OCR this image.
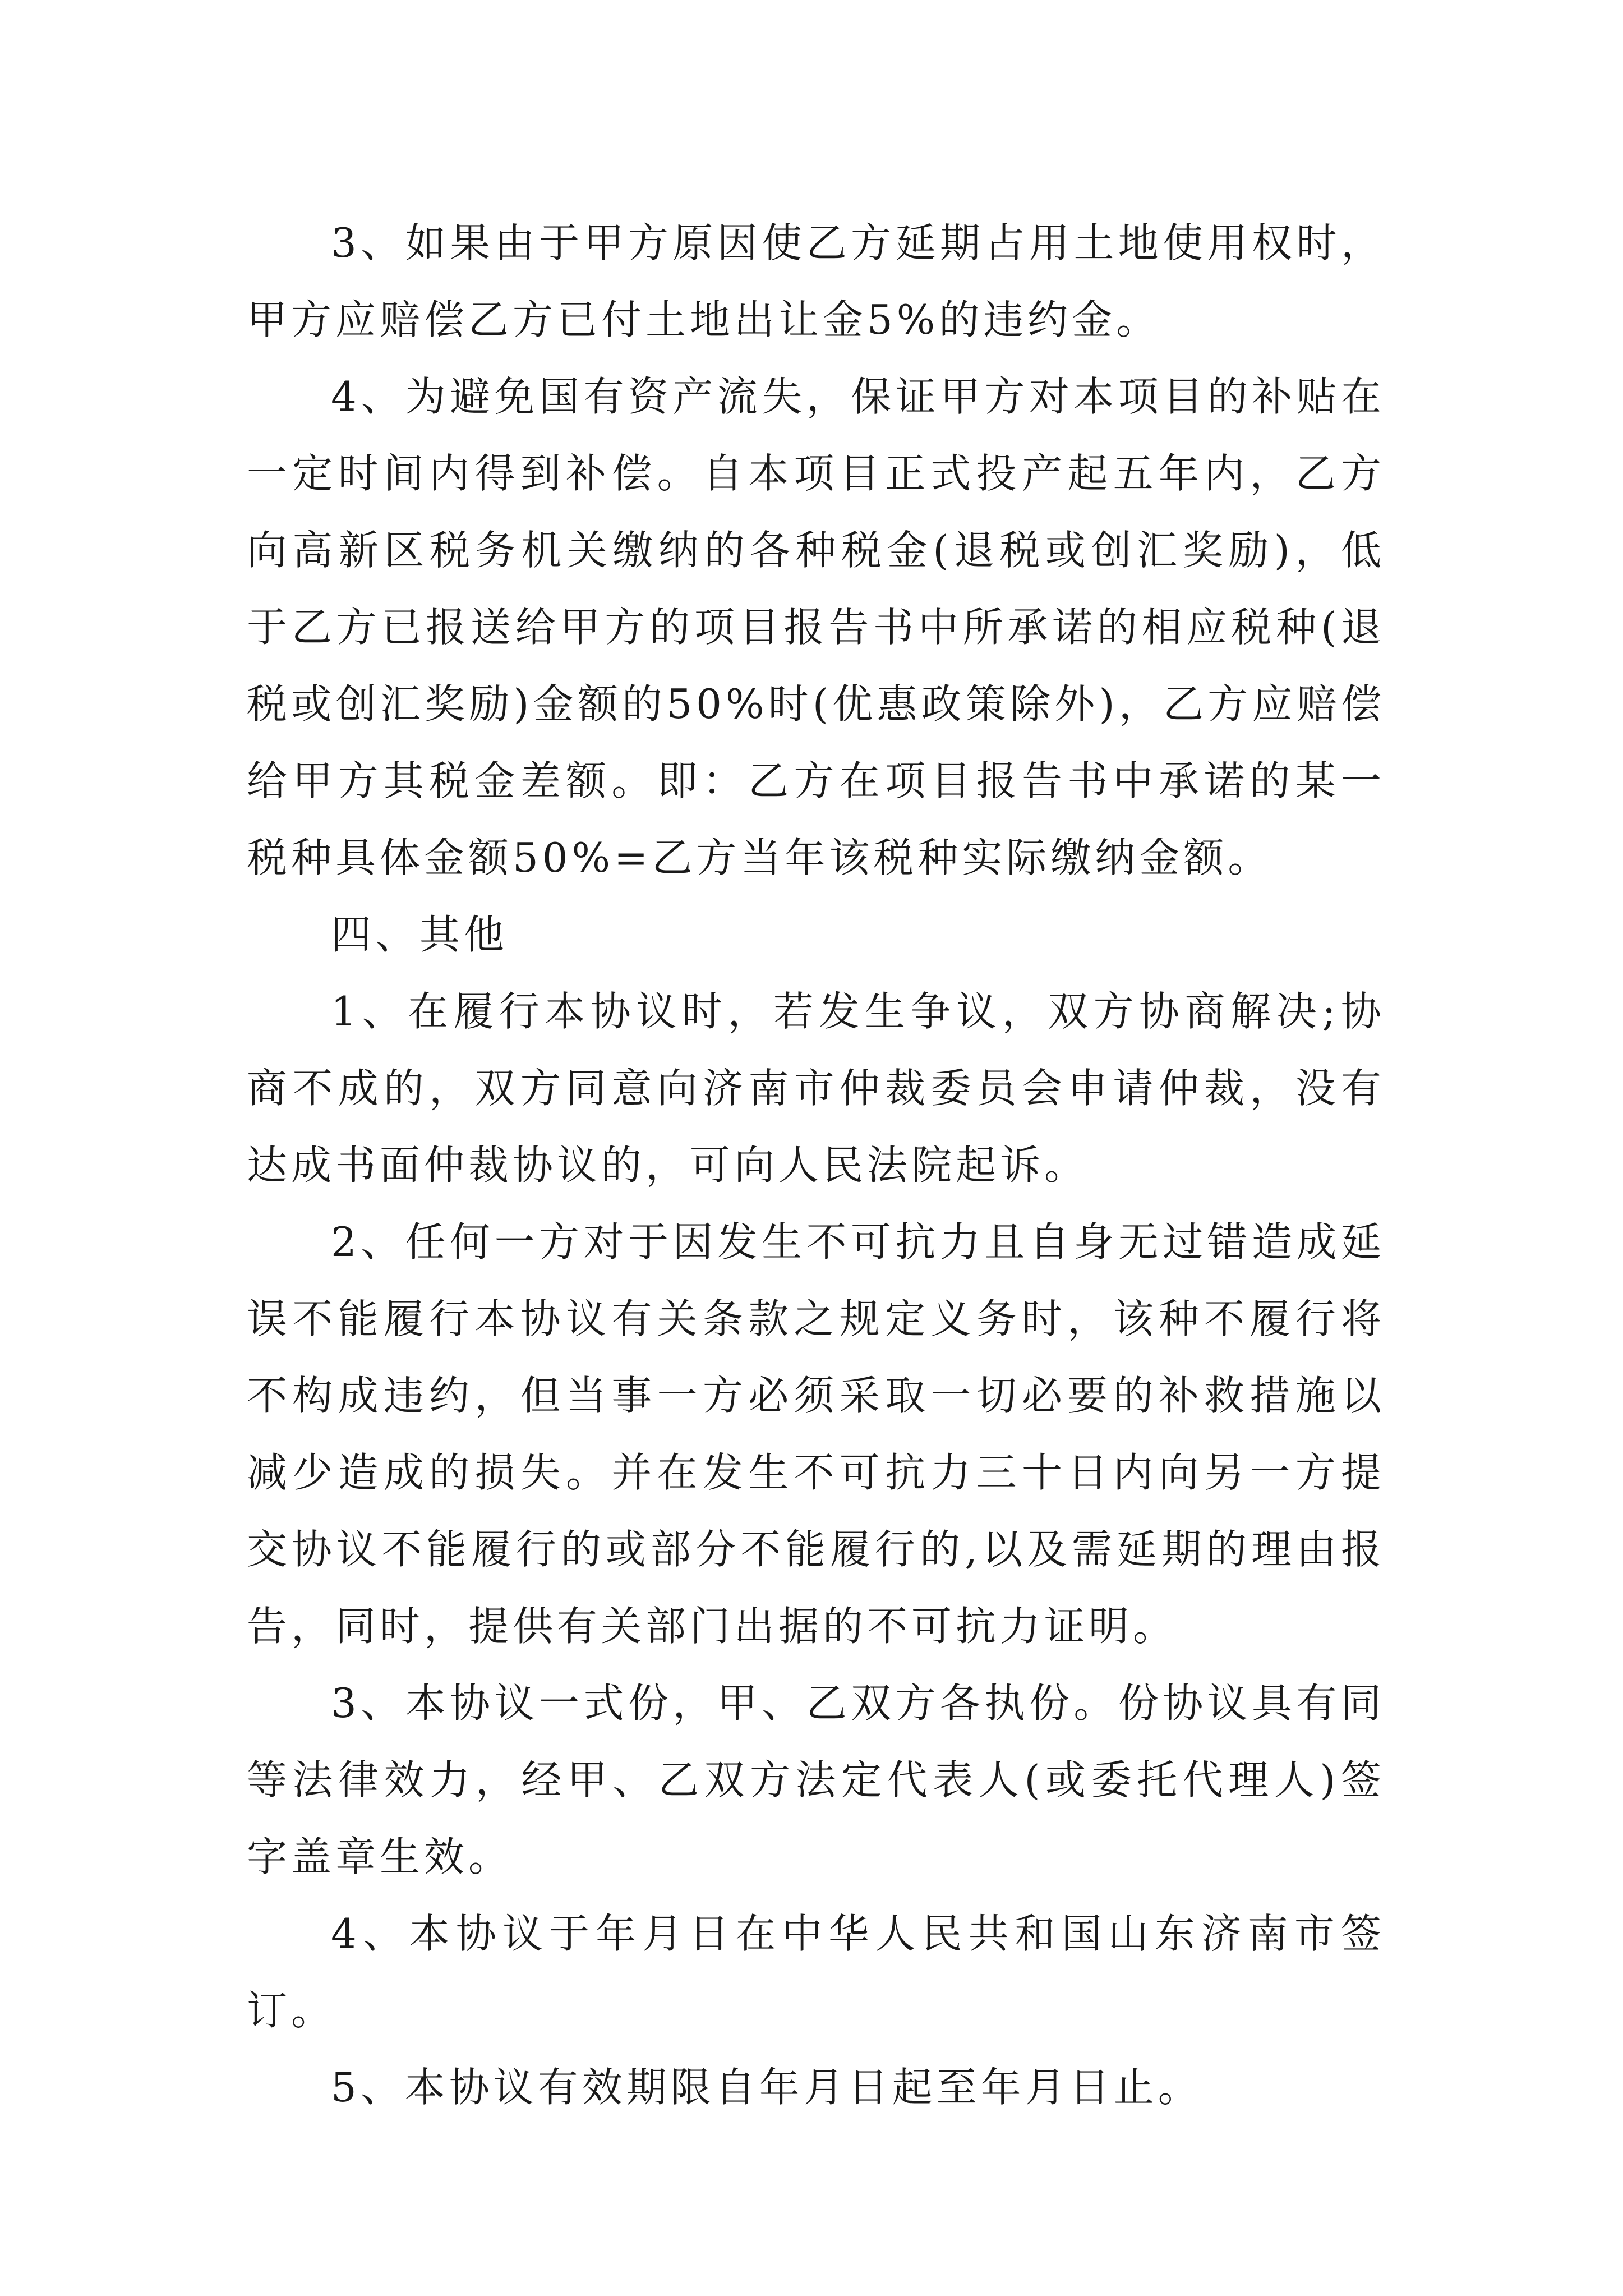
3、如果由于甲方原因使乙方延期占用土地使用权时，甲方应赔偿乙方已付土地出让金5%的违约金。

4、为避免国有资产流失，保证甲方对本项目的补贴在一定时间内得到补偿。自本项目正式投产起五年内，乙方向高新区税务机关缴纳的各种税金(退税或创汇奖励)，低于乙方已报送给甲方的项目报告书中所承诺的相应税种(退税或创汇奖励)金额的50%时(优惠政策除外)，乙方应赔偿给甲方其税金差额。即：乙方在项目报告书中承诺的某一税种具体金额50%=乙方当年该税种实际缴纳金额。

四、其他

1、在履行本协议时，若发生争议，双方协商解决;协商不成的，双方同意向济南市仲裁委员会申请仲裁，没有达成书面仲裁协议的，可向人民法院起诉。

2、任何一方对于因发生不可抗力且自身无过错造成延误不能履行本协议有关条款之规定义务时，该种不履行将不构成违约，但当事一方必须采取一切必要的补救措施以减少造成的损失。并在发生不可抗力三十日内向另一方提交协议不能履行的或部分不能履行的,以及需延期的理由报告，同时，提供有关部门出据的不可抗力证明。

3、本协议一式份，甲、乙双方各执份。份协议具有同等法律效力，经甲、乙双方法定代表人(或委托代理人)签字盖章生效。

4、本协议于年月日在中华人民共和国山东济南市签订。

5、本协议有效期限自年月日起至年月日止。
